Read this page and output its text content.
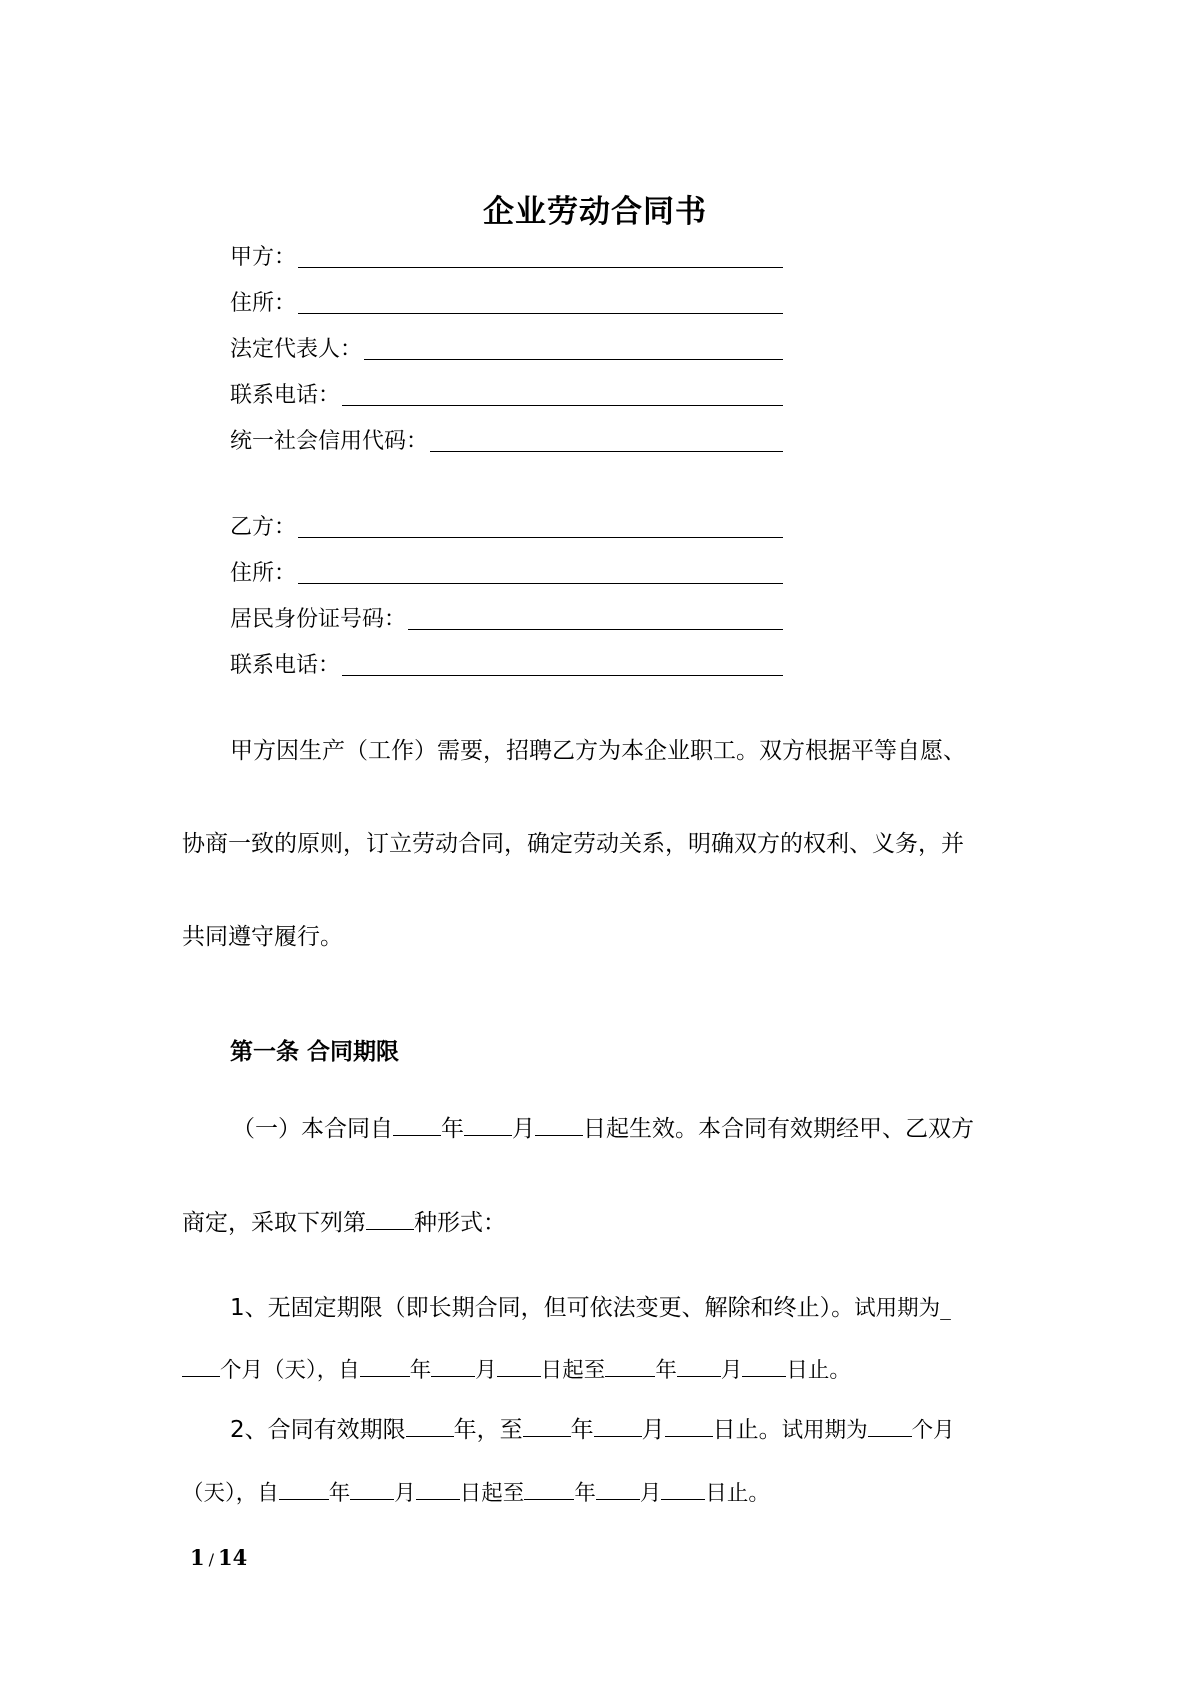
企业劳动合同书
甲方：
住所：
法定代表人：
联系电话：
统一社会信用代码：
乙方：
住所：
居民身份证号码：
联系电话：
甲方因生产（工作）需要，招聘乙方为本企业职工。双方根据平等自愿、
协商一致的原则，订立劳动合同，确定劳动关系，明确双方的权利、义务，并
共同遵守履行。
第一条 合同期限
（一）本合同自 年 月 日起生效。本合同有效期经甲、乙双方
商定，采取下列第 种形式：
1、无固定期限（即长期合同，但可依法变更、解除和终止）。试用期为_
个月（天），自 年 月 日起至 年 月 日止。
2、合同有效期限 年，至 年 月 日止。试用期为 个月
（天），自 年 月 日起至 年 月 日止。
1 / 14
